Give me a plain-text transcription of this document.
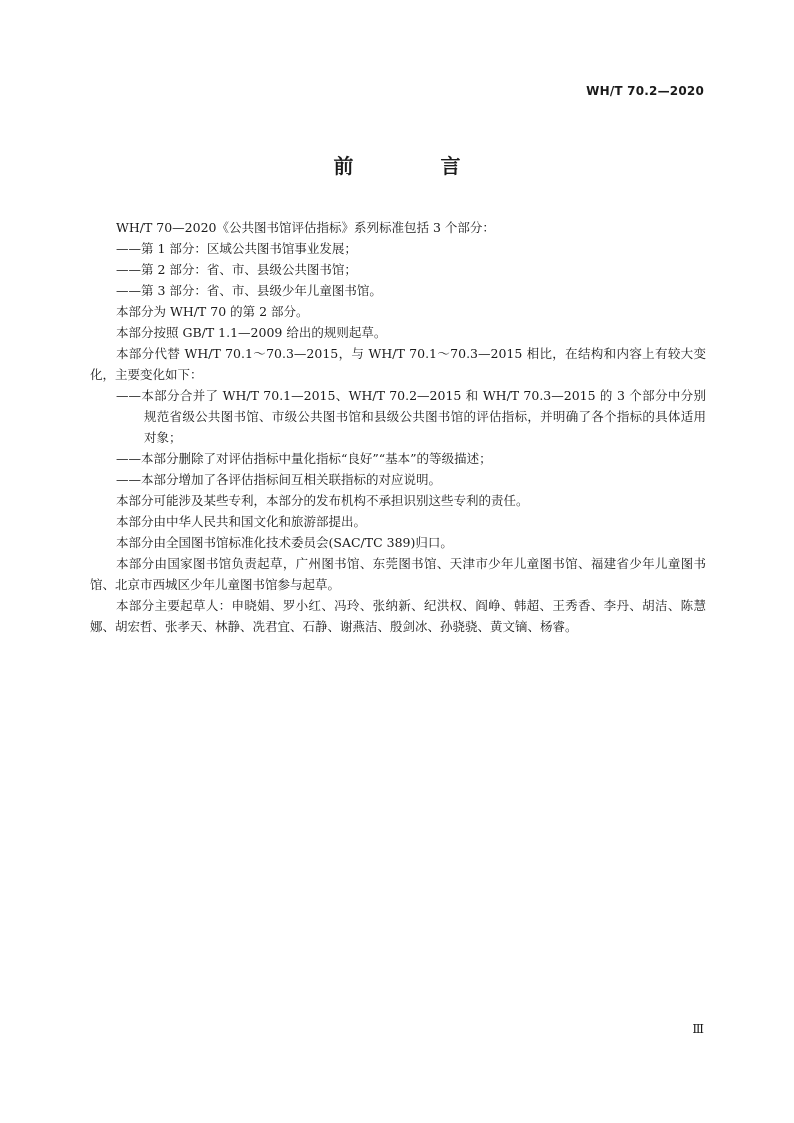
WH/T 70.2—2020
前 言

WH/T 70—2020《公共图书馆评估指标》系列标准包括 3 个部分：

——第 1 部分：区域公共图书馆事业发展；

——第 2 部分：省、市、县级公共图书馆；

——第 3 部分：省、市、县级少年儿童图书馆。

本部分为 WH/T 70 的第 2 部分。

本部分按照 GB/T 1.1—2009 给出的规则起草。

本部分代替 WH/T 70.1～70.3—2015，与 WH/T 70.1～70.3—2015 相比，在结构和内容上有较大变化，主要变化如下：

——本部分合并了 WH/T 70.1—2015、WH/T 70.2—2015 和 WH/T 70.3—2015 的 3 个部分中分别规范省级公共图书馆、市级公共图书馆和县级公共图书馆的评估指标，并明确了各个指标的具体适用对象；

——本部分删除了对评估指标中量化指标“良好”“基本”的等级描述；

——本部分增加了各评估指标间互相关联指标的对应说明。

本部分可能涉及某些专利，本部分的发布机构不承担识别这些专利的责任。

本部分由中华人民共和国文化和旅游部提出。

本部分由全国图书馆标准化技术委员会(SAC/TC 389)归口。

本部分由国家图书馆负责起草，广州图书馆、东莞图书馆、天津市少年儿童图书馆、福建省少年儿童图书馆、北京市西城区少年儿童图书馆参与起草。

本部分主要起草人：申晓娟、罗小红、冯玲、张纳新、纪洪权、阎峥、韩超、王秀香、李丹、胡洁、陈慧娜、胡宏哲、张孝天、林静、冼君宜、石静、谢燕洁、殷剑冰、孙骁骁、黄文镝、杨睿。

Ⅲ
